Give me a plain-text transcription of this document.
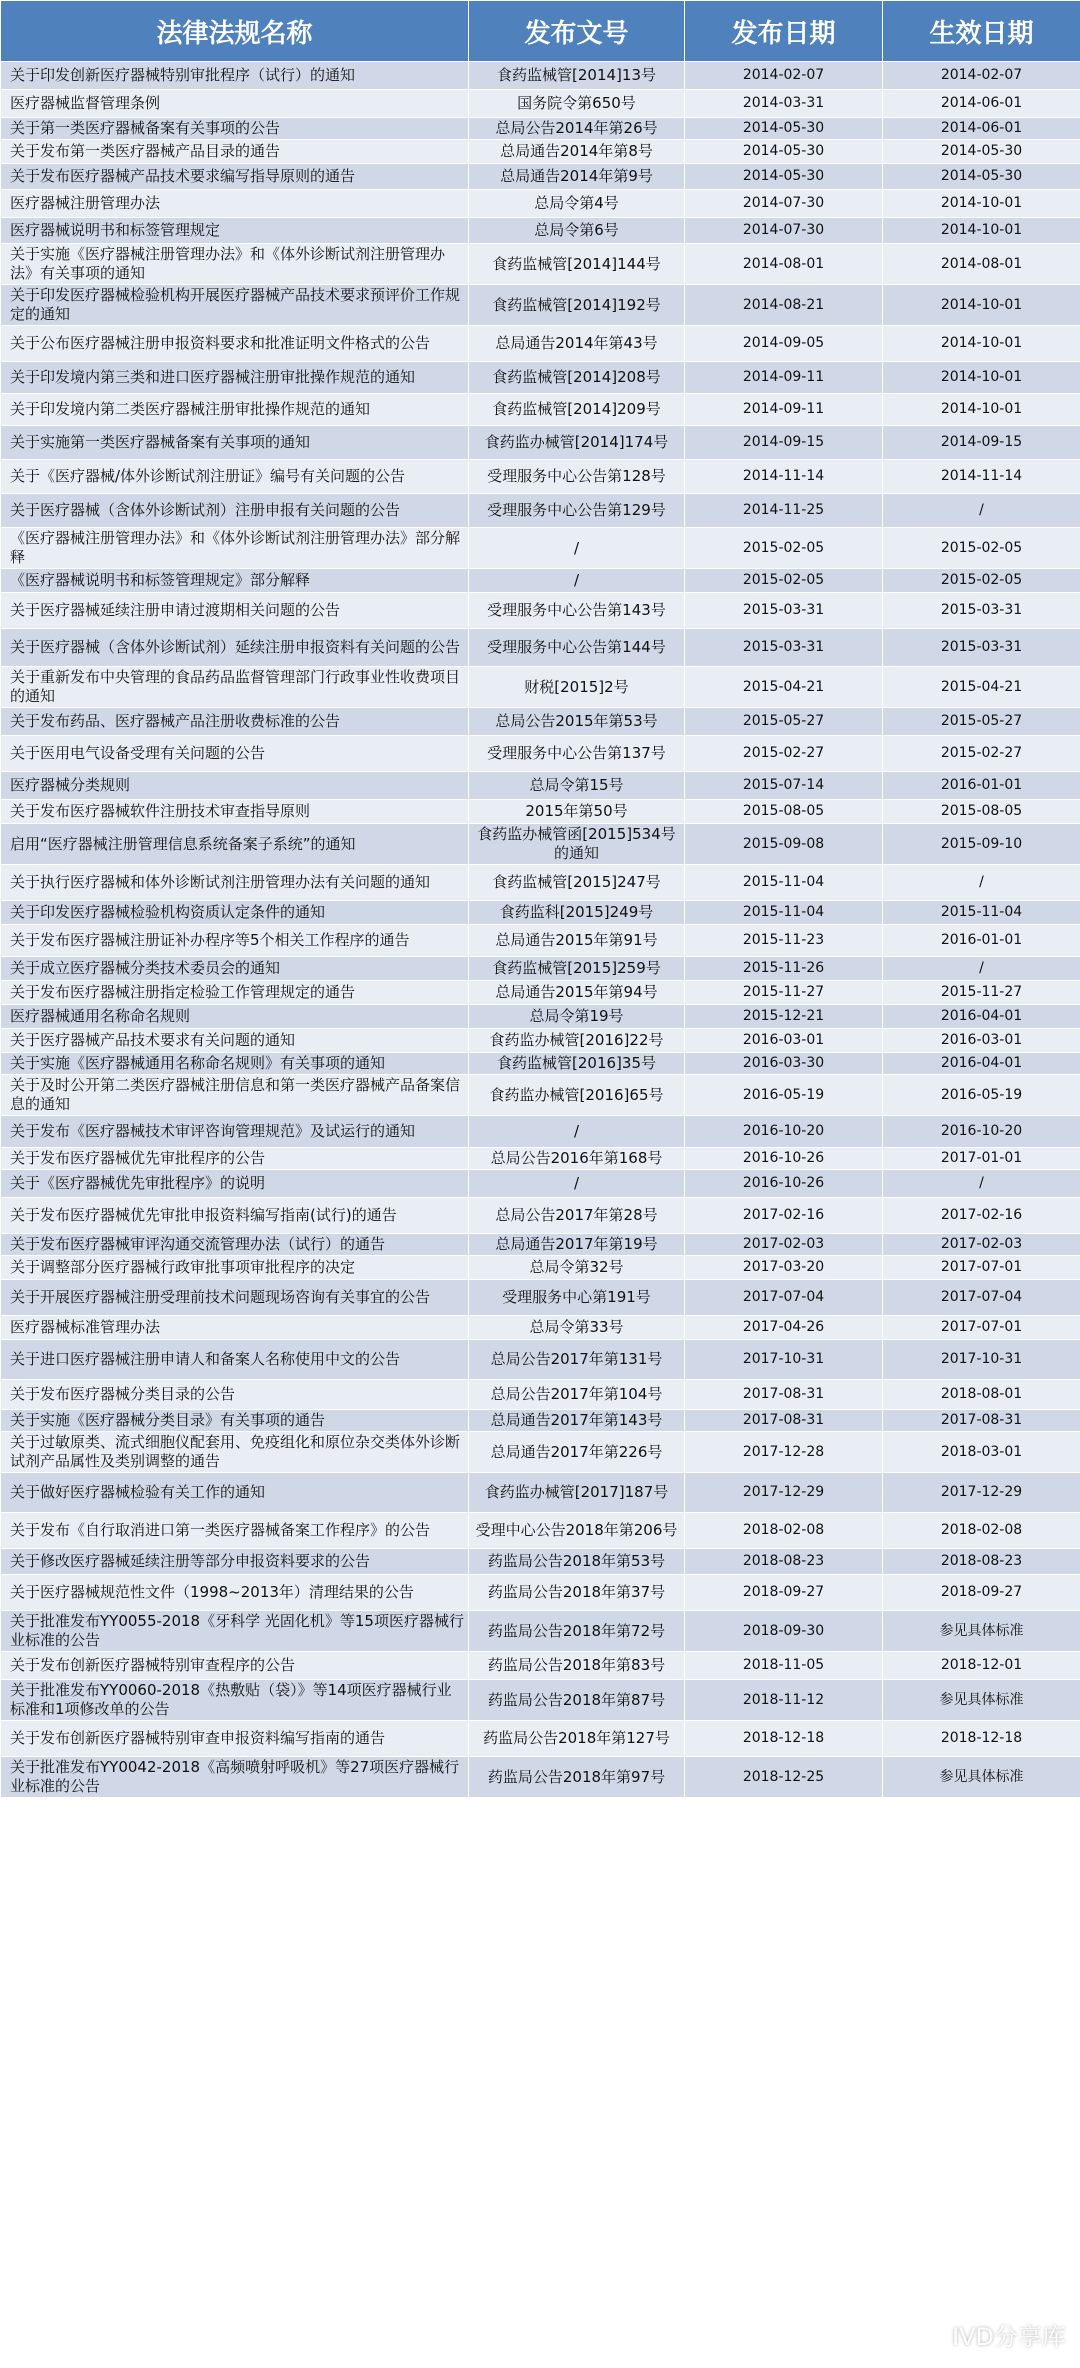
法律法规名称	发布文号	发布日期	生效日期
关于印发创新医疗器械特别审批程序（试行）的通知	食药监械管[2014]13号	2014-02-07	2014-02-07
医疗器械监督管理条例	国务院令第650号	2014-03-31	2014-06-01
关于第一类医疗器械备案有关事项的公告	总局公告2014年第26号	2014-05-30	2014-06-01
关于发布第一类医疗器械产品目录的通告	总局通告2014年第8号	2014-05-30	2014-05-30
关于发布医疗器械产品技术要求编写指导原则的通告	总局通告2014年第9号	2014-05-30	2014-05-30
医疗器械注册管理办法	总局令第4号	2014-07-30	2014-10-01
医疗器械说明书和标签管理规定	总局令第6号	2014-07-30	2014-10-01
关于实施《医疗器械注册管理办法》和《体外诊断试剂注册管理办法》有关事项的通知	食药监械管[2014]144号	2014-08-01	2014-08-01
关于印发医疗器械检验机构开展医疗器械产品技术要求预评价工作规定的通知	食药监械管[2014]192号	2014-08-21	2014-10-01
关于公布医疗器械注册申报资料要求和批准证明文件格式的公告	总局通告2014年第43号	2014-09-05	2014-10-01
关于印发境内第三类和进口医疗器械注册审批操作规范的通知	食药监械管[2014]208号	2014-09-11	2014-10-01
关于印发境内第二类医疗器械注册审批操作规范的通知	食药监械管[2014]209号	2014-09-11	2014-10-01
关于实施第一类医疗器械备案有关事项的通知	食药监办械管[2014]174号	2014-09-15	2014-09-15
关于《医疗器械/体外诊断试剂注册证》编号有关问题的公告	受理服务中心公告第128号	2014-11-14	2014-11-14
关于医疗器械（含体外诊断试剂）注册申报有关问题的公告	受理服务中心公告第129号	2014-11-25	/
《医疗器械注册管理办法》和《体外诊断试剂注册管理办法》部分解释	/	2015-02-05	2015-02-05
《医疗器械说明书和标签管理规定》部分解释	/	2015-02-05	2015-02-05
关于医疗器械延续注册申请过渡期相关问题的公告	受理服务中心公告第143号	2015-03-31	2015-03-31
关于医疗器械（含体外诊断试剂）延续注册申报资料有关问题的公告	受理服务中心公告第144号	2015-03-31	2015-03-31
关于重新发布中央管理的食品药品监督管理部门行政事业性收费项目的通知	财税[2015]2号	2015-04-21	2015-04-21
关于发布药品、医疗器械产品注册收费标准的公告	总局公告2015年第53号	2015-05-27	2015-05-27
关于医用电气设备受理有关问题的公告	受理服务中心公告第137号	2015-02-27	2015-02-27
医疗器械分类规则	总局令第15号	2015-07-14	2016-01-01
关于发布医疗器械软件注册技术审查指导原则	2015年第50号	2015-08-05	2015-08-05
启用“医疗器械注册管理信息系统备案子系统”的通知	食药监办械管函[2015]534号的通知	2015-09-08	2015-09-10
关于执行医疗器械和体外诊断试剂注册管理办法有关问题的通知	食药监械管[2015]247号	2015-11-04	/
关于印发医疗器械检验机构资质认定条件的通知	食药监科[2015]249号	2015-11-04	2015-11-04
关于发布医疗器械注册证补办程序等5个相关工作程序的通告	总局通告2015年第91号	2015-11-23	2016-01-01
关于成立医疗器械分类技术委员会的通知	食药监械管[2015]259号	2015-11-26	/
关于发布医疗器械注册指定检验工作管理规定的通告	总局通告2015年第94号	2015-11-27	2015-11-27
医疗器械通用名称命名规则	总局令第19号	2015-12-21	2016-04-01
关于医疗器械产品技术要求有关问题的通知	食药监办械管[2016]22号	2016-03-01	2016-03-01
关于实施《医疗器械通用名称命名规则》有关事项的通知	食药监械管[2016]35号	2016-03-30	2016-04-01
关于及时公开第二类医疗器械注册信息和第一类医疗器械产品备案信息的通知	食药监办械管[2016]65号	2016-05-19	2016-05-19
关于发布《医疗器械技术审评咨询管理规范》及试运行的通知	/	2016-10-20	2016-10-20
关于发布医疗器械优先审批程序的公告	总局公告2016年第168号	2016-10-26	2017-01-01
关于《医疗器械优先审批程序》的说明	/	2016-10-26	/
关于发布医疗器械优先审批申报资料编写指南(试行)的通告	总局公告2017年第28号	2017-02-16	2017-02-16
关于发布医疗器械审评沟通交流管理办法（试行）的通告	总局通告2017年第19号	2017-02-03	2017-02-03
关于调整部分医疗器械行政审批事项审批程序的决定	总局令第32号	2017-03-20	2017-07-01
关于开展医疗器械注册受理前技术问题现场咨询有关事宜的公告	受理服务中心第191号	2017-07-04	2017-07-04
医疗器械标准管理办法	总局令第33号	2017-04-26	2017-07-01
关于进口医疗器械注册申请人和备案人名称使用中文的公告	总局公告2017年第131号	2017-10-31	2017-10-31
关于发布医疗器械分类目录的公告	总局公告2017年第104号	2017-08-31	2018-08-01
关于实施《医疗器械分类目录》有关事项的通告	总局通告2017年第143号	2017-08-31	2017-08-31
关于过敏原类、流式细胞仪配套用、免疫组化和原位杂交类体外诊断试剂产品属性及类别调整的通告	总局通告2017年第226号	2017-12-28	2018-03-01
关于做好医疗器械检验有关工作的通知	食药监办械管[2017]187号	2017-12-29	2017-12-29
关于发布《自行取消进口第一类医疗器械备案工作程序》的公告	受理中心公告2018年第206号	2018-02-08	2018-02-08
关于修改医疗器械延续注册等部分申报资料要求的公告	药监局公告2018年第53号	2018-08-23	2018-08-23
关于医疗器械规范性文件（1998~2013年）清理结果的公告	药监局公告2018年第37号	2018-09-27	2018-09-27
关于批准发布YY0055-2018《牙科学 光固化机》等15项医疗器械行业标准的公告	药监局公告2018年第72号	2018-09-30	参见具体标准
关于发布创新医疗器械特别审查程序的公告	药监局公告2018年第83号	2018-11-05	2018-12-01
关于批准发布YY0060-2018《热敷贴（袋）》等14项医疗器械行业标准和1项修改单的公告	药监局公告2018年第87号	2018-11-12	参见具体标准
关于发布创新医疗器械特别审查申报资料编写指南的通告	药监局公告2018年第127号	2018-12-18	2018-12-18
关于批准发布YY0042-2018《高频喷射呼吸机》等27项医疗器械行业标准的公告	药监局公告2018年第97号	2018-12-25	参见具体标准
IVD分享库
